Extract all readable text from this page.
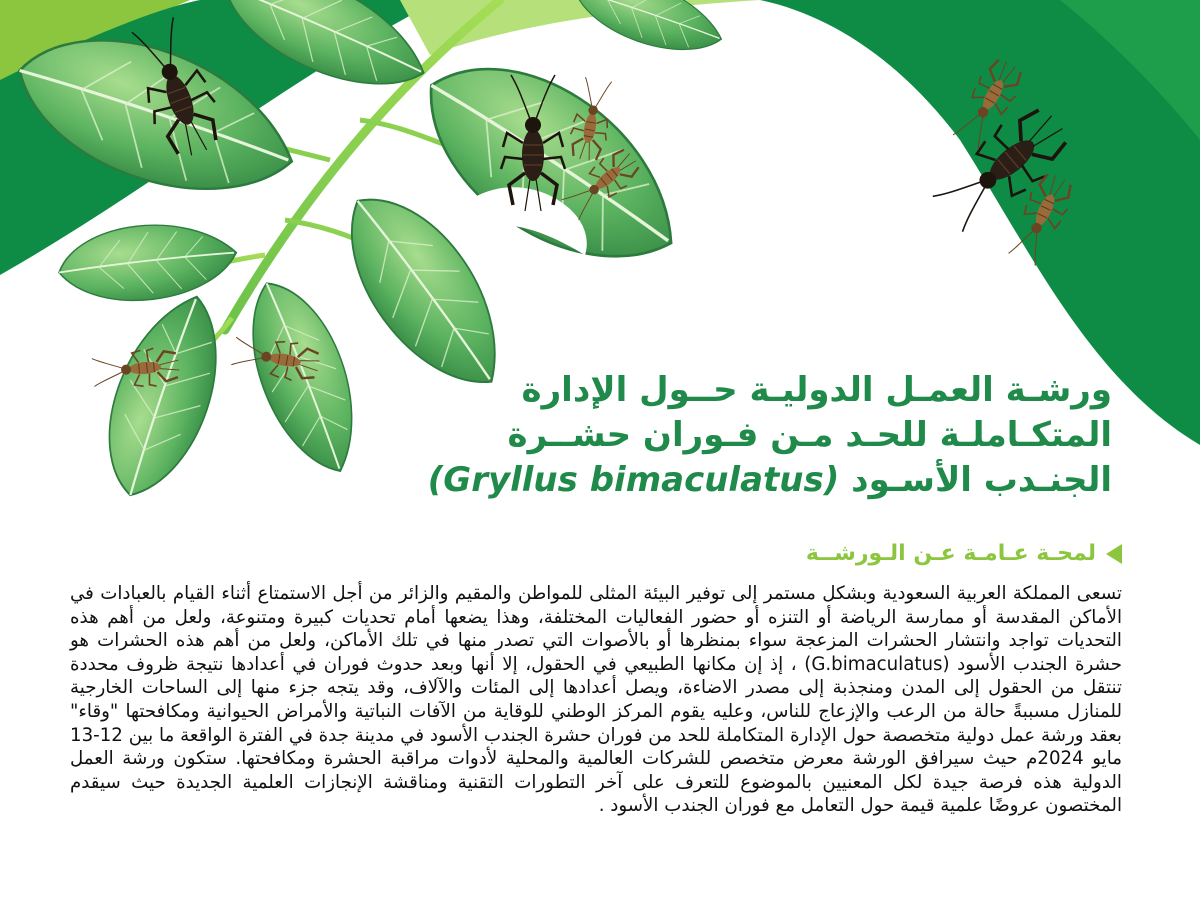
ورشـة العمـل الدوليـة حــول الإدارة
المتكـاملـة للحـد مـن فـوران حشــرة
الجنـدب الأسـود (Gryllus bimaculatus)
لمحـة عـامـة عـن الـورشــة

تسعى المملكة العربية السعودية وبشكل مستمر إلى توفير البيئة المثلى للمواطن والمقيم والزائر من أجل الاستمتاع أثناء القيام بالعبادات في الأماكن المقدسة أو ممارسة الرياضة أو التنزه أو حضور الفعاليات المختلفة، وهذا يضعها أمام تحديات كبيرة ومتنوعة، ولعل من أهم هذه التحديات تواجد وانتشار الحشرات المزعجة سواء بمنظرها أو بالأصوات التي تصدر منها في تلك الأماكن، ولعل من أهم هذه الحشرات هو حشرة الجندب الأسود (G.bimaculatus) ، إذ إن مكانها الطبيعي في الحقول، إلا أنها وبعد حدوث فوران في أعدادها نتيجة ظروف محددة تنتقل من الحقول إلى المدن ومنجذبة إلى مصدر الاضاءة، ويصل أعدادها إلى المئات والآلاف، وقد يتجه جزء منها إلى الساحات الخارجية للمنازل مسببةً حالة من الرعب والإزعاج للناس، وعليه يقوم المركز الوطني للوقاية من الآفات النباتية والأمراض الحيوانية ومكافحتها "وقاء" بعقد ورشة عمل دولية متخصصة حول الإدارة المتكاملة للحد من فوران حشرة الجندب الأسود في مدينة جدة في الفترة الواقعة ما بين 12-13 مايو 2024م حيث سيرافق الورشة معرض متخصص للشركات العالمية والمحلية لأدوات مراقبة الحشرة ومكافحتها. ستكون ورشة العمل الدولية هذه فرصة جيدة لكل المعنيين بالموضوع للتعرف على آخر التطورات التقنية ومناقشة الإنجازات العلمية الجديدة حيث سيقدم المختصون عروضًا علمية قيمة حول التعامل مع فوران الجندب الأسود .
